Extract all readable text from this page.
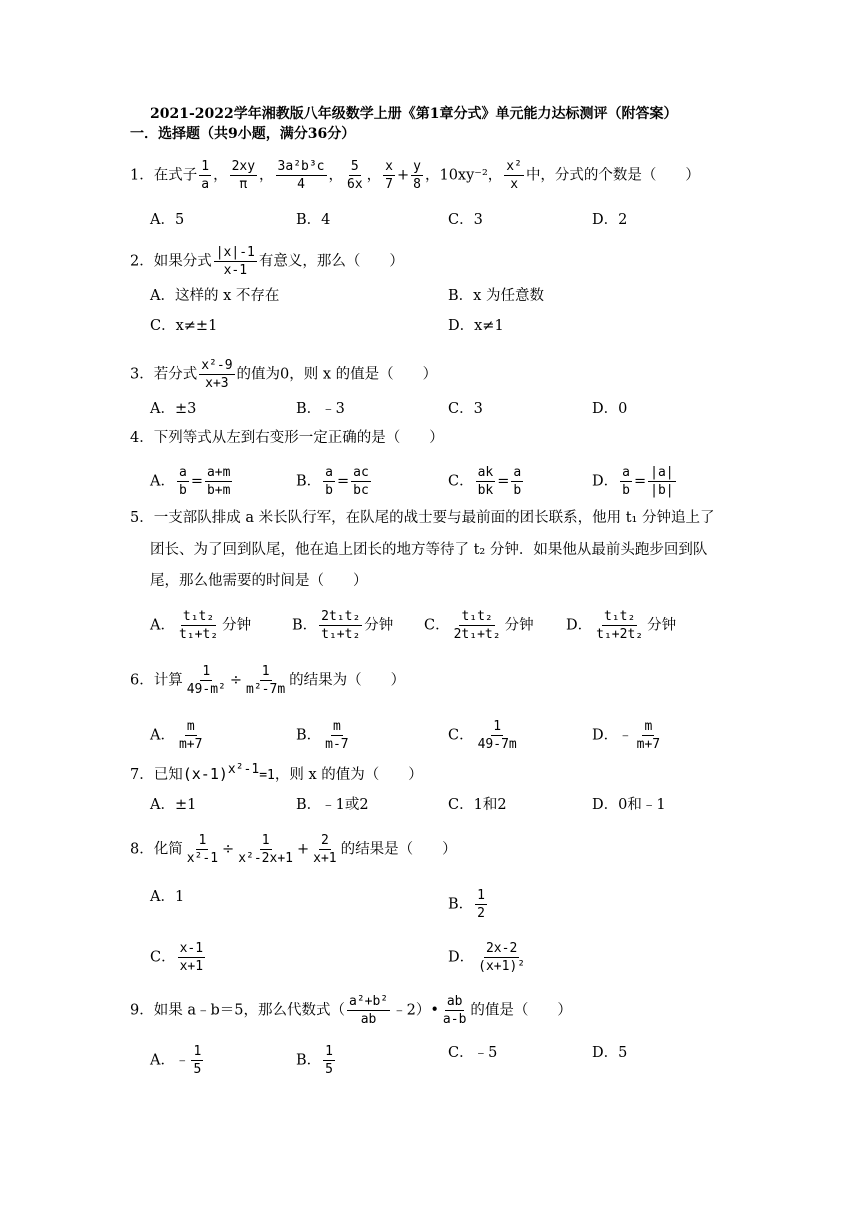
2021-2022学年湘教版八年级数学上册《第1章分式》单元能力达标测评（附答案）
一．选择题（共9小题，满分36分）
1．在式子 $\frac{1}{a}$ ， $\frac{2xy}{\pi}$ ， $\frac{\text{3a²b³c}}{4}$ ， $\frac{5}{6x}$ ， $\frac{x}{7} + \frac{y}{8}$ ，10xy⁻²， $\frac{\text{x²}}{x}$ 中，分式的个数是（　　）
A．5	B．4	C．3	D．2
2．如果分式 $\frac{|x|-1}{x-1}$ 有意义，那么（　　）
A．这样的 x 不存在	B．x 为任意数
C．x≠±1	D．x≠1
3．若分式 $\frac{\text{x²-9}}{x+3}$ 的值为0，则 x 的值是（　　）
A．±3	B．﹣3	C．3	D．0
4．下列等式从左到右变形一定正确的是（　　）
A． $\frac{a}{b} = \frac{a+m}{b+m}$	B． $\frac{a}{b} = \frac{ac}{bc}$	C． $\frac{ak}{bk} = \frac{a}{b}$	D． $\frac{a}{b} = \frac{|a|}{|b|}$
5．一支部队排成 a 米长队行军，在队尾的战士要与最前面的团长联系，他用 t₁ 分钟追上了
团长、为了回到队尾，他在追上团长的地方等待了 t₂ 分钟．如果他从最前头跑步回到队
尾，那么他需要的时间是（　　）
A． $\frac{\text{t₁t₂}}{\text{t₁+t₂}}$ 分钟	B． $\frac{\text{2t₁t₂}}{\text{t₁+t₂}}$ 分钟 C． $\frac{\text{t₁t₂}}{\text{2t₁+t₂}}$ 分钟 D． $\frac{\text{t₁t₂}}{\text{t₁+2t₂}}$ 分钟
6．计算 $\frac{1}{\text{49-m²}} \div \frac{1}{\text{m²-7m}}$ 的结果为（　　）
A． $\frac{m}{m+7}$	B． $\frac{m}{m-7}$	C． $\frac{1}{49-7m}$	D．﹣ $\frac{m}{m+7}$
7．已知$(x-1)^{x^2-1}=1$，则 x 的值为（　　）
A．±1	B．﹣1或2	C．1和2	D．0和﹣1
8．化简 $\frac{1}{\text{x²-1}} \div \frac{1}{\text{x²-2x+1}} + \frac{2}{x+1}$ 的结果是（　　）
A．1	B． $\frac{1}{2}$
C． $\frac{x-1}{x+1}$	D． $\frac{2x-2}{\text{(x+1)²}}$
9．如果 a﹣b＝5，那么代数式（ $\frac{\text{a²+b²}}{ab}$ ﹣2）• $\frac{ab}{a-b}$ 的值是（　　）
A．﹣ $\frac{1}{5}$	B． $\frac{1}{5}$	C．﹣5	D．5
